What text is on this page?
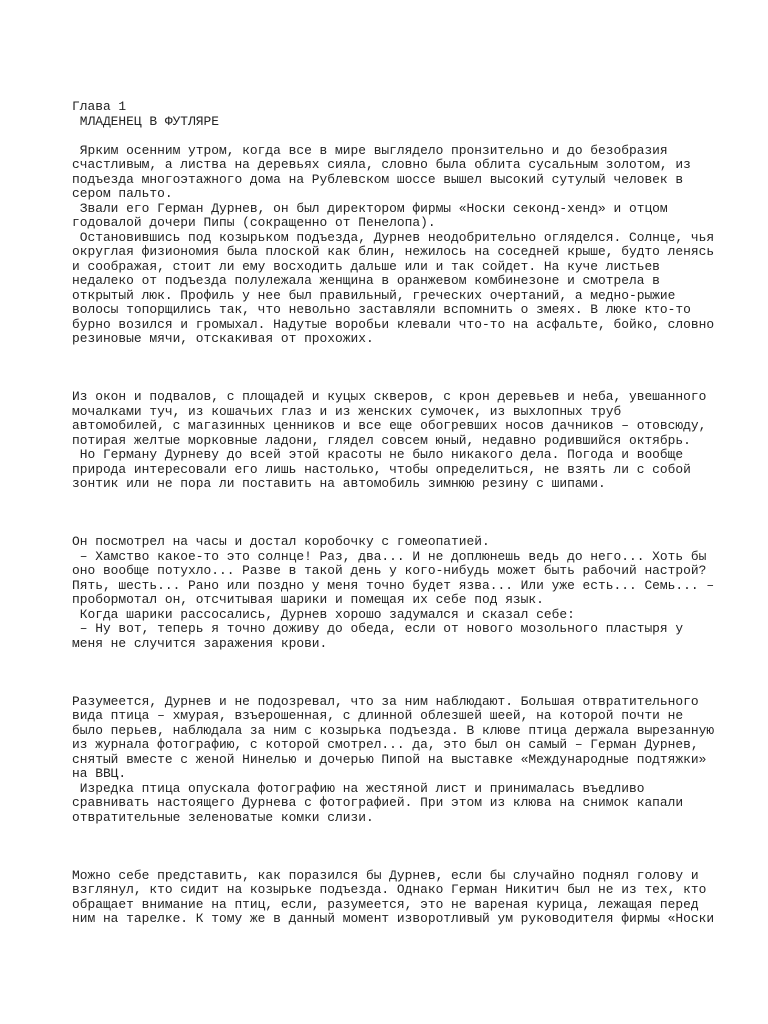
Глава 1
МЛАДЕНЕЦ В ФУТЛЯРЕ
Ярким осенним утром, когда все в мире выглядело пронзительно и до безобразия
счастливым, а листва на деревьях сияла, словно была облита сусальным золотом, из
подъезда многоэтажного дома на Рублевском шоссе вышел высокий сутулый человек в
сером пальто.
Звали его Герман Дурнев, он был директором фирмы «Носки секонд-хенд» и отцом
годовалой дочери Пипы (сокращенно от Пенелопа).
Остановившись под козырьком подъезда, Дурнев неодобрительно огляделся. Солнце, чья
округлая физиономия была плоской как блин, нежилось на соседней крыше, будто ленясь
и соображая, стоит ли ему восходить дальше или и так сойдет. На куче листьев
недалеко от подъезда полулежала женщина в оранжевом комбинезоне и смотрела в
открытый люк. Профиль у нее был правильный, греческих очертаний, а медно-рыжие
волосы топорщились так, что невольно заставляли вспомнить о змеях. В люке кто-то
бурно возился и громыхал. Надутые воробьи клевали что-то на асфальте, бойко, словно
резиновые мячи, отскакивая от прохожих.
Из окон и подвалов, с площадей и куцых скверов, с крон деревьев и неба, увешанного
мочалками туч, из кошачьих глаз и из женских сумочек, из выхлопных труб
автомобилей, с магазинных ценников и все еще обогревших носов дачников – отовсюду,
потирая желтые морковные ладони, глядел совсем юный, недавно родившийся октябрь.
Но Герману Дурневу до всей этой красоты не было никакого дела. Погода и вообще
природа интересовали его лишь настолько, чтобы определиться, не взять ли с собой
зонтик или не пора ли поставить на автомобиль зимнюю резину с шипами.
Он посмотрел на часы и достал коробочку с гомеопатией.
– Хамство какое-то это солнце! Раз, два... И не доплюнешь ведь до него... Хоть бы
оно вообще потухло... Разве в такой день у кого-нибудь может быть рабочий настрой?
Пять, шесть... Рано или поздно у меня точно будет язва... Или уже есть... Семь... –
пробормотал он, отсчитывая шарики и помещая их себе под язык.
Когда шарики рассосались, Дурнев хорошо задумался и сказал себе:
– Ну вот, теперь я точно доживу до обеда, если от нового мозольного пластыря у
меня не случится заражения крови.
Разумеется, Дурнев и не подозревал, что за ним наблюдают. Большая отвратительного
вида птица – хмурая, взъерошенная, с длинной облезшей шеей, на которой почти не
было перьев, наблюдала за ним с козырька подъезда. В клюве птица держала вырезанную
из журнала фотографию, с которой смотрел... да, это был он самый – Герман Дурнев,
снятый вместе с женой Нинелью и дочерью Пипой на выставке «Международные подтяжки»
на ВВЦ.
Изредка птица опускала фотографию на жестяной лист и принималась въедливо
сравнивать настоящего Дурнева с фотографией. При этом из клюва на снимок капали
отвратительные зеленоватые комки слизи.
Можно себе представить, как поразился бы Дурнев, если бы случайно поднял голову и
взглянул, кто сидит на козырьке подъезда. Однако Герман Никитич был не из тех, кто
обращает внимание на птиц, если, разумеется, это не вареная курица, лежащая перед
ним на тарелке. К тому же в данный момент изворотливый ум руководителя фирмы «Носки
